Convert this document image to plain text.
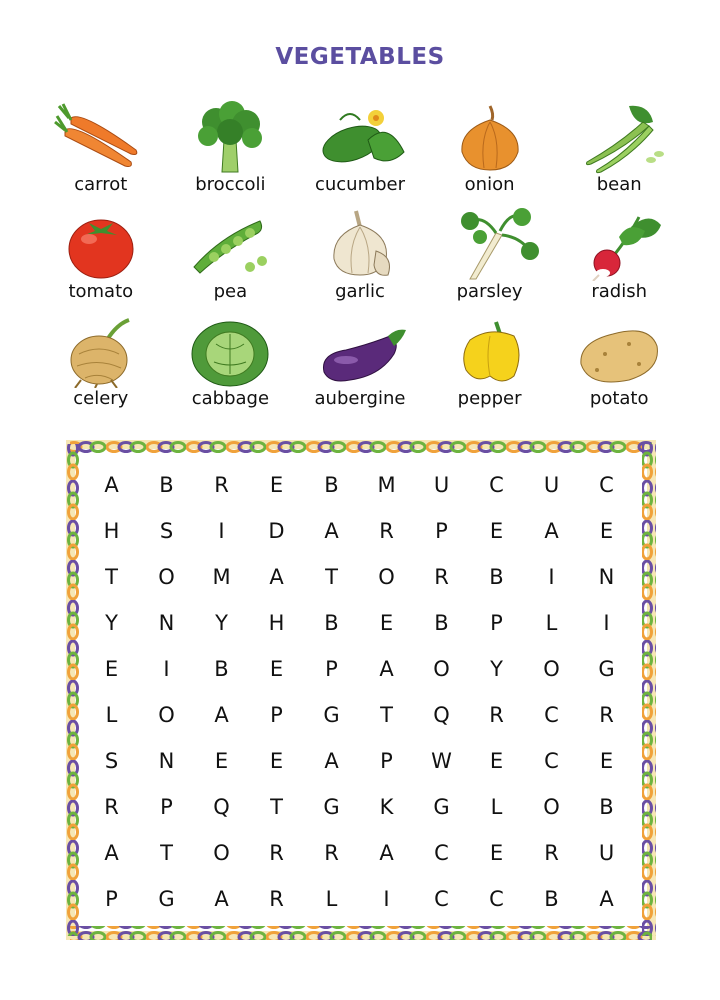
VEGETABLES
carrot	broccoli	cucumber	onion	bean
tomato	pea	garlic	parsley	radish
celery	cabbage	aubergine	pepper	potato
A	B	R	E	B	M	U	C	U	C
H	S	I	D	A	R	P	E	A	E
T	O	M	A	T	O	R	B	I	N
Y	N	Y	H	B	E	B	P	L	I
E	I	B	E	P	A	O	Y	O	G
L	O	A	P	G	T	Q	R	C	R
S	N	E	E	A	P	W	E	C	E
R	P	Q	T	G	K	G	L	O	B
A	T	O	R	R	A	C	E	R	U
P	G	A	R	L	I	C	C	B	A
